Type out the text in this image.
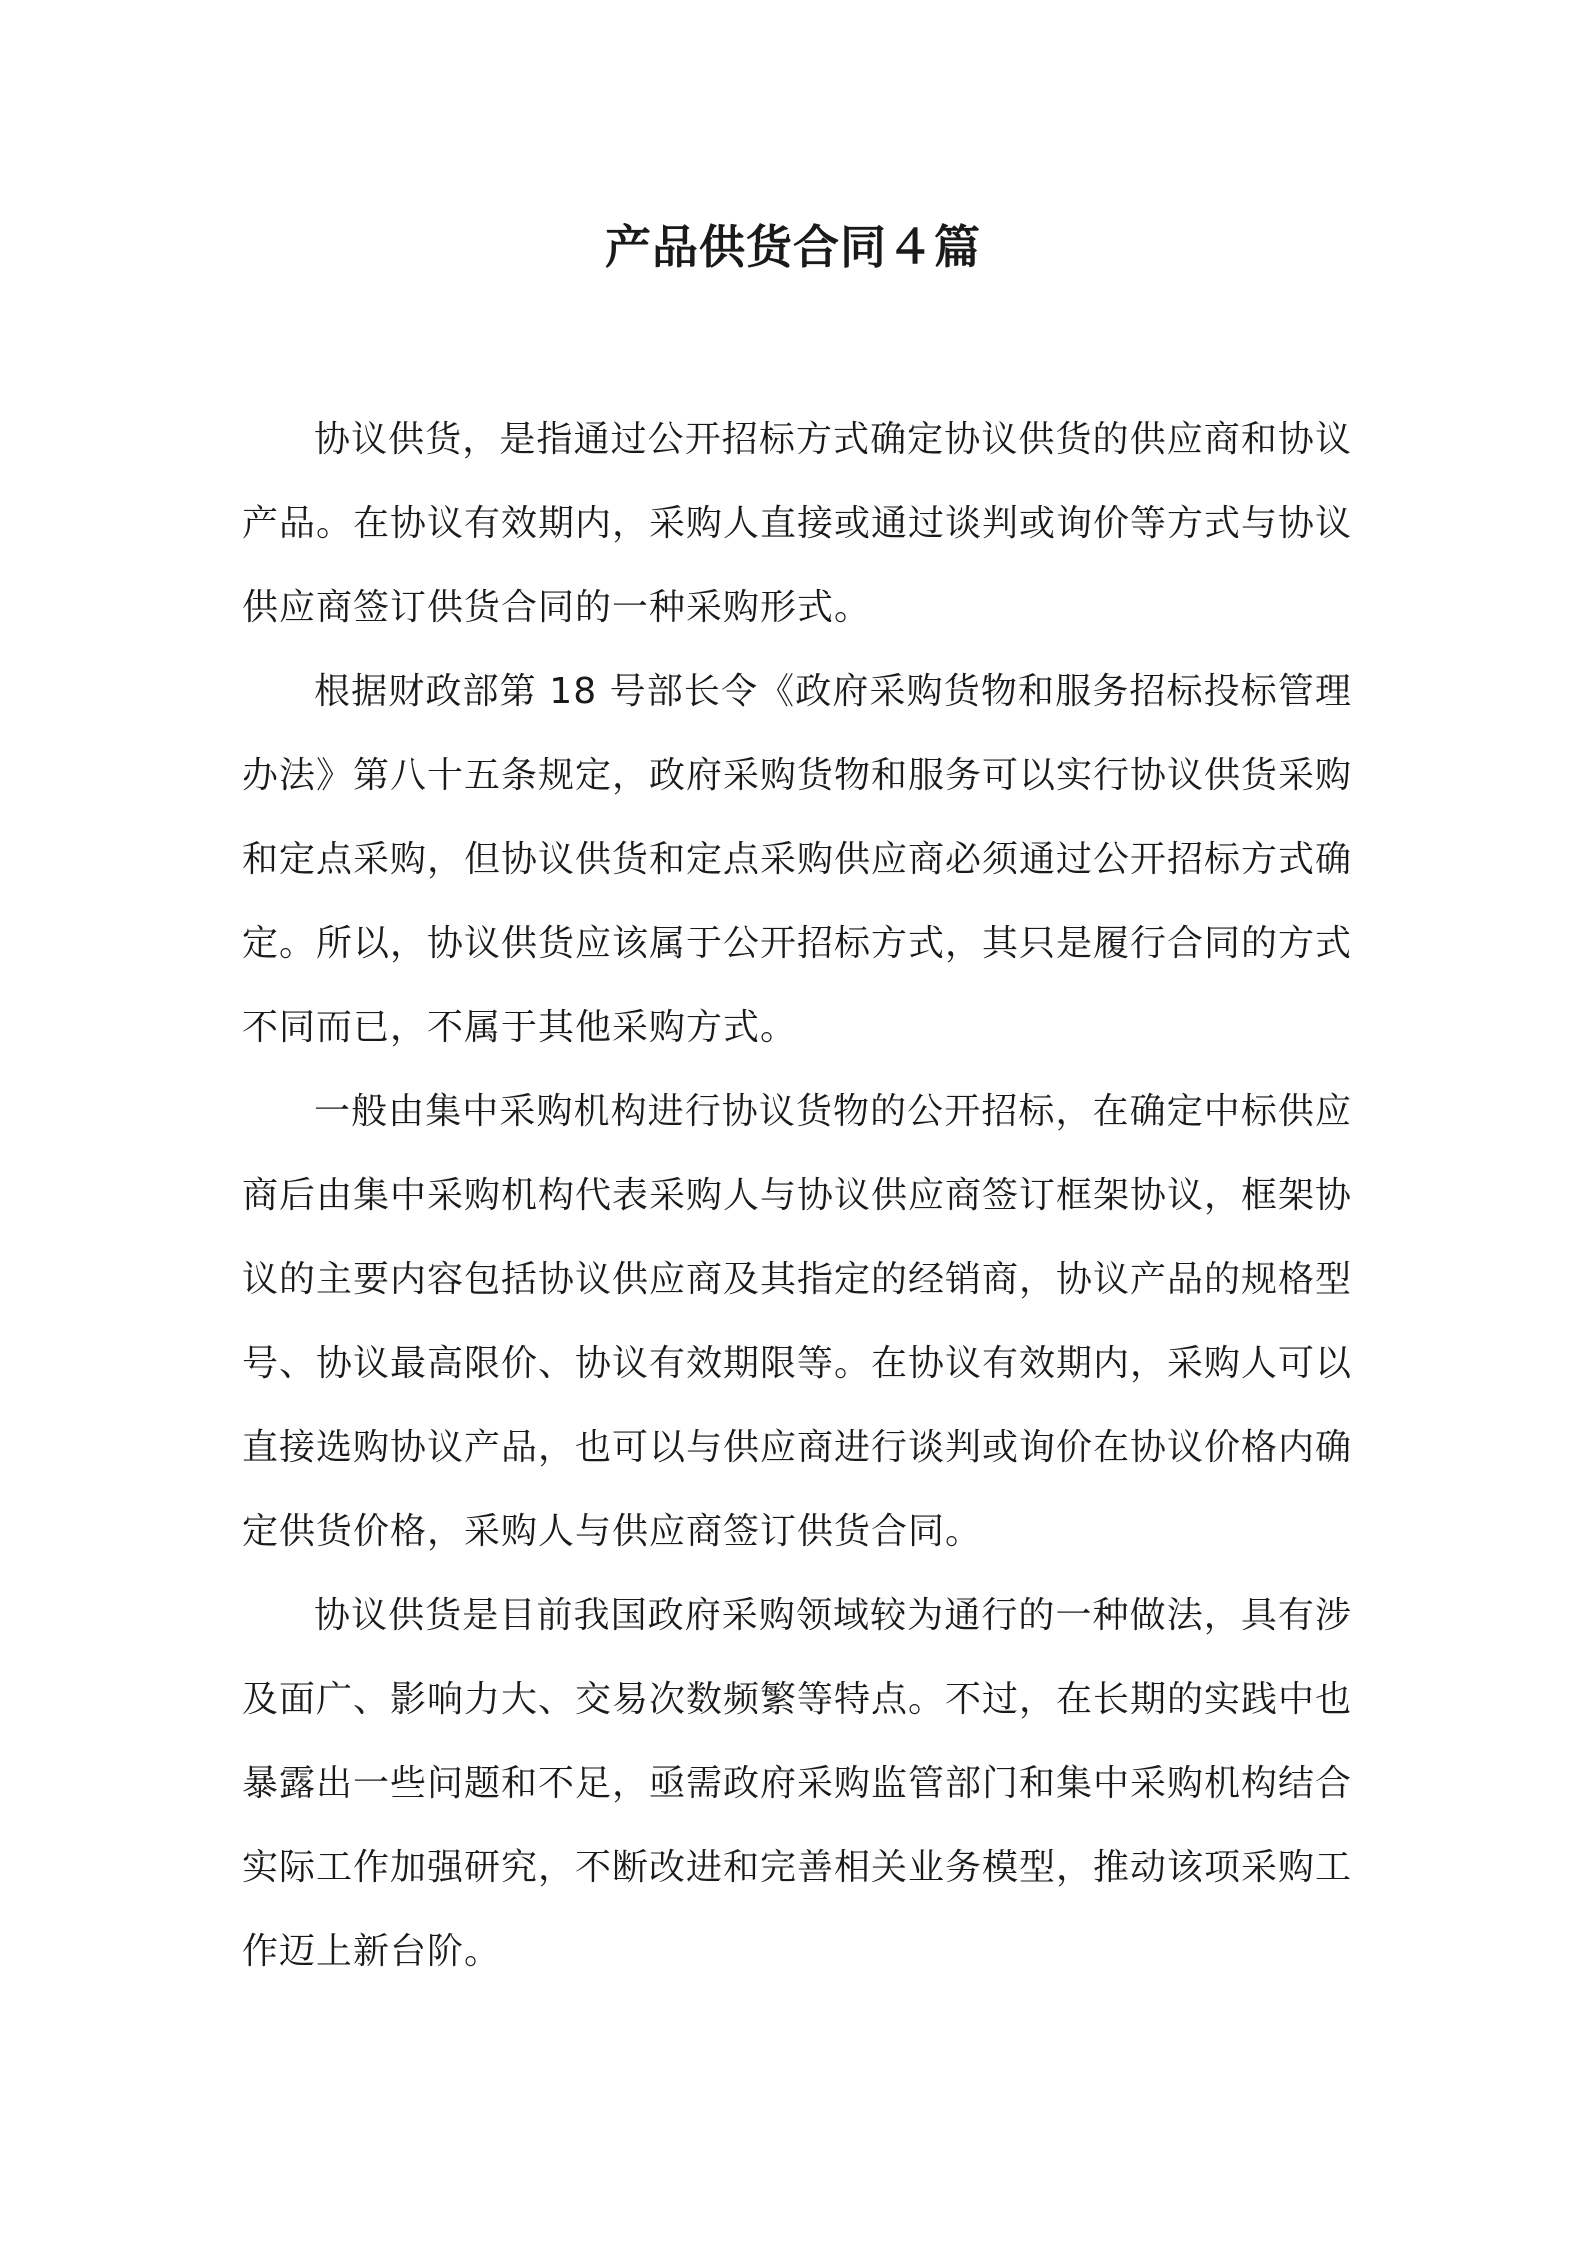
产品供货合同４篇

协议供货，是指通过公开招标方式确定协议供货的供应商和协议产品。在协议有效期内，采购人直接或通过谈判或询价等方式与协议供应商签订供货合同的一种采购形式。

根据财政部第 18 号部长令《政府采购货物和服务招标投标管理办法》第八十五条规定，政府采购货物和服务可以实行协议供货采购和定点采购，但协议供货和定点采购供应商必须通过公开招标方式确定。所以，协议供货应该属于公开招标方式，其只是履行合同的方式不同而已，不属于其他采购方式。

一般由集中采购机构进行协议货物的公开招标，在确定中标供应商后由集中采购机构代表采购人与协议供应商签订框架协议，框架协议的主要内容包括协议供应商及其指定的经销商，协议产品的规格型号、协议最高限价、协议有效期限等。在协议有效期内，采购人可以直接选购协议产品，也可以与供应商进行谈判或询价在协议价格内确定供货价格，采购人与供应商签订供货合同。

协议供货是目前我国政府采购领域较为通行的一种做法，具有涉及面广、影响力大、交易次数频繁等特点。不过，在长期的实践中也暴露出一些问题和不足，亟需政府采购监管部门和集中采购机构结合实际工作加强研究，不断改进和完善相关业务模型，推动该项采购工作迈上新台阶。
